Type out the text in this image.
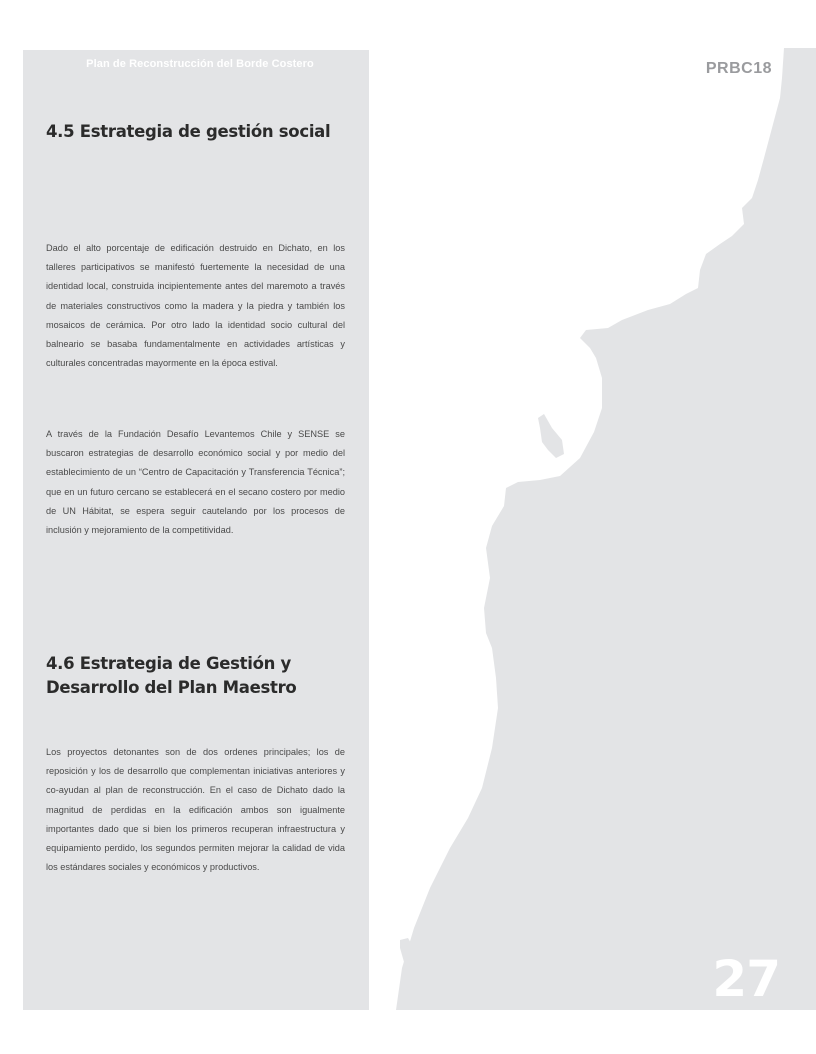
Plan de Reconstrucción del Borde Costero	PRBC18
4.5 Estrategia de gestión social

Dado el alto porcentaje de edificación destruido en Dichato, en los talleres participativos se manifestó fuertemente la necesidad de una identidad local, construida incipientemente antes del maremoto a través de materiales constructivos como la madera y la piedra y también los mosaicos de cerámica. Por otro lado la identidad socio cultural del balneario se basaba fundamentalmente en actividades artísticas y culturales concentradas mayormente en la época estival.

A través de la Fundación Desafío Levantemos Chile y SENSE se buscaron estrategias de desarrollo económico social y por medio del establecimiento de un “Centro de Capacitación y Transferencia Técnica”; que en un futuro cercano se establecerá en el secano costero por medio de UN Hábitat, se espera seguir cautelando por los procesos de inclusión y mejoramiento de la competitividad.

4.6 Estrategia de Gestión y
Desarrollo del Plan Maestro

Los proyectos detonantes son de dos ordenes principales; los de reposición y los de desarrollo que complementan iniciativas anteriores y co-ayudan al plan de reconstrucción. En el caso de Dichato dado la magnitud de perdidas en la edificación ambos son igualmente importantes dado que si bien los primeros recuperan infraestructura y equipamiento perdido, los segundos permiten mejorar la calidad de vida los estándares sociales y económicos y productivos.

27
